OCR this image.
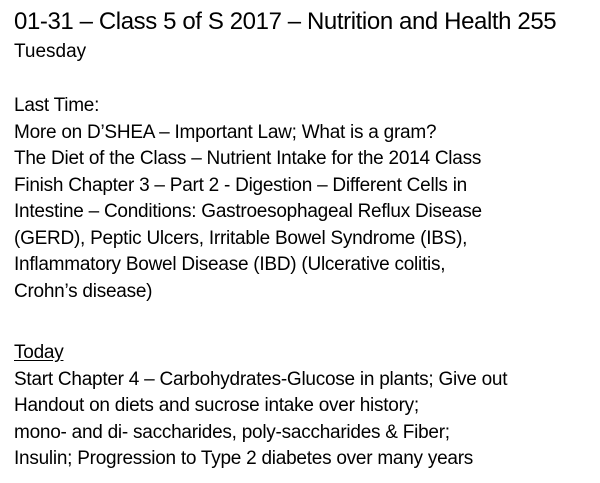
01-31 – Class 5 of S 2017 – Nutrition and Health 255
Tuesday
Last Time:
More on D’SHEA – Important Law; What is a gram?
The Diet of the Class – Nutrient Intake for the 2014 Class
Finish Chapter 3 – Part 2 - Digestion – Different Cells in
Intestine – Conditions: Gastroesophageal Reflux Disease
(GERD), Peptic Ulcers, Irritable Bowel Syndrome (IBS),
Inflammatory Bowel Disease (IBD) (Ulcerative colitis,
Crohn’s disease)
Today
Start Chapter 4 – Carbohydrates-Glucose in plants; Give out
Handout on diets and sucrose intake over history;
mono- and di- saccharides, poly-saccharides & Fiber;
Insulin; Progression to Type 2 diabetes over many years
